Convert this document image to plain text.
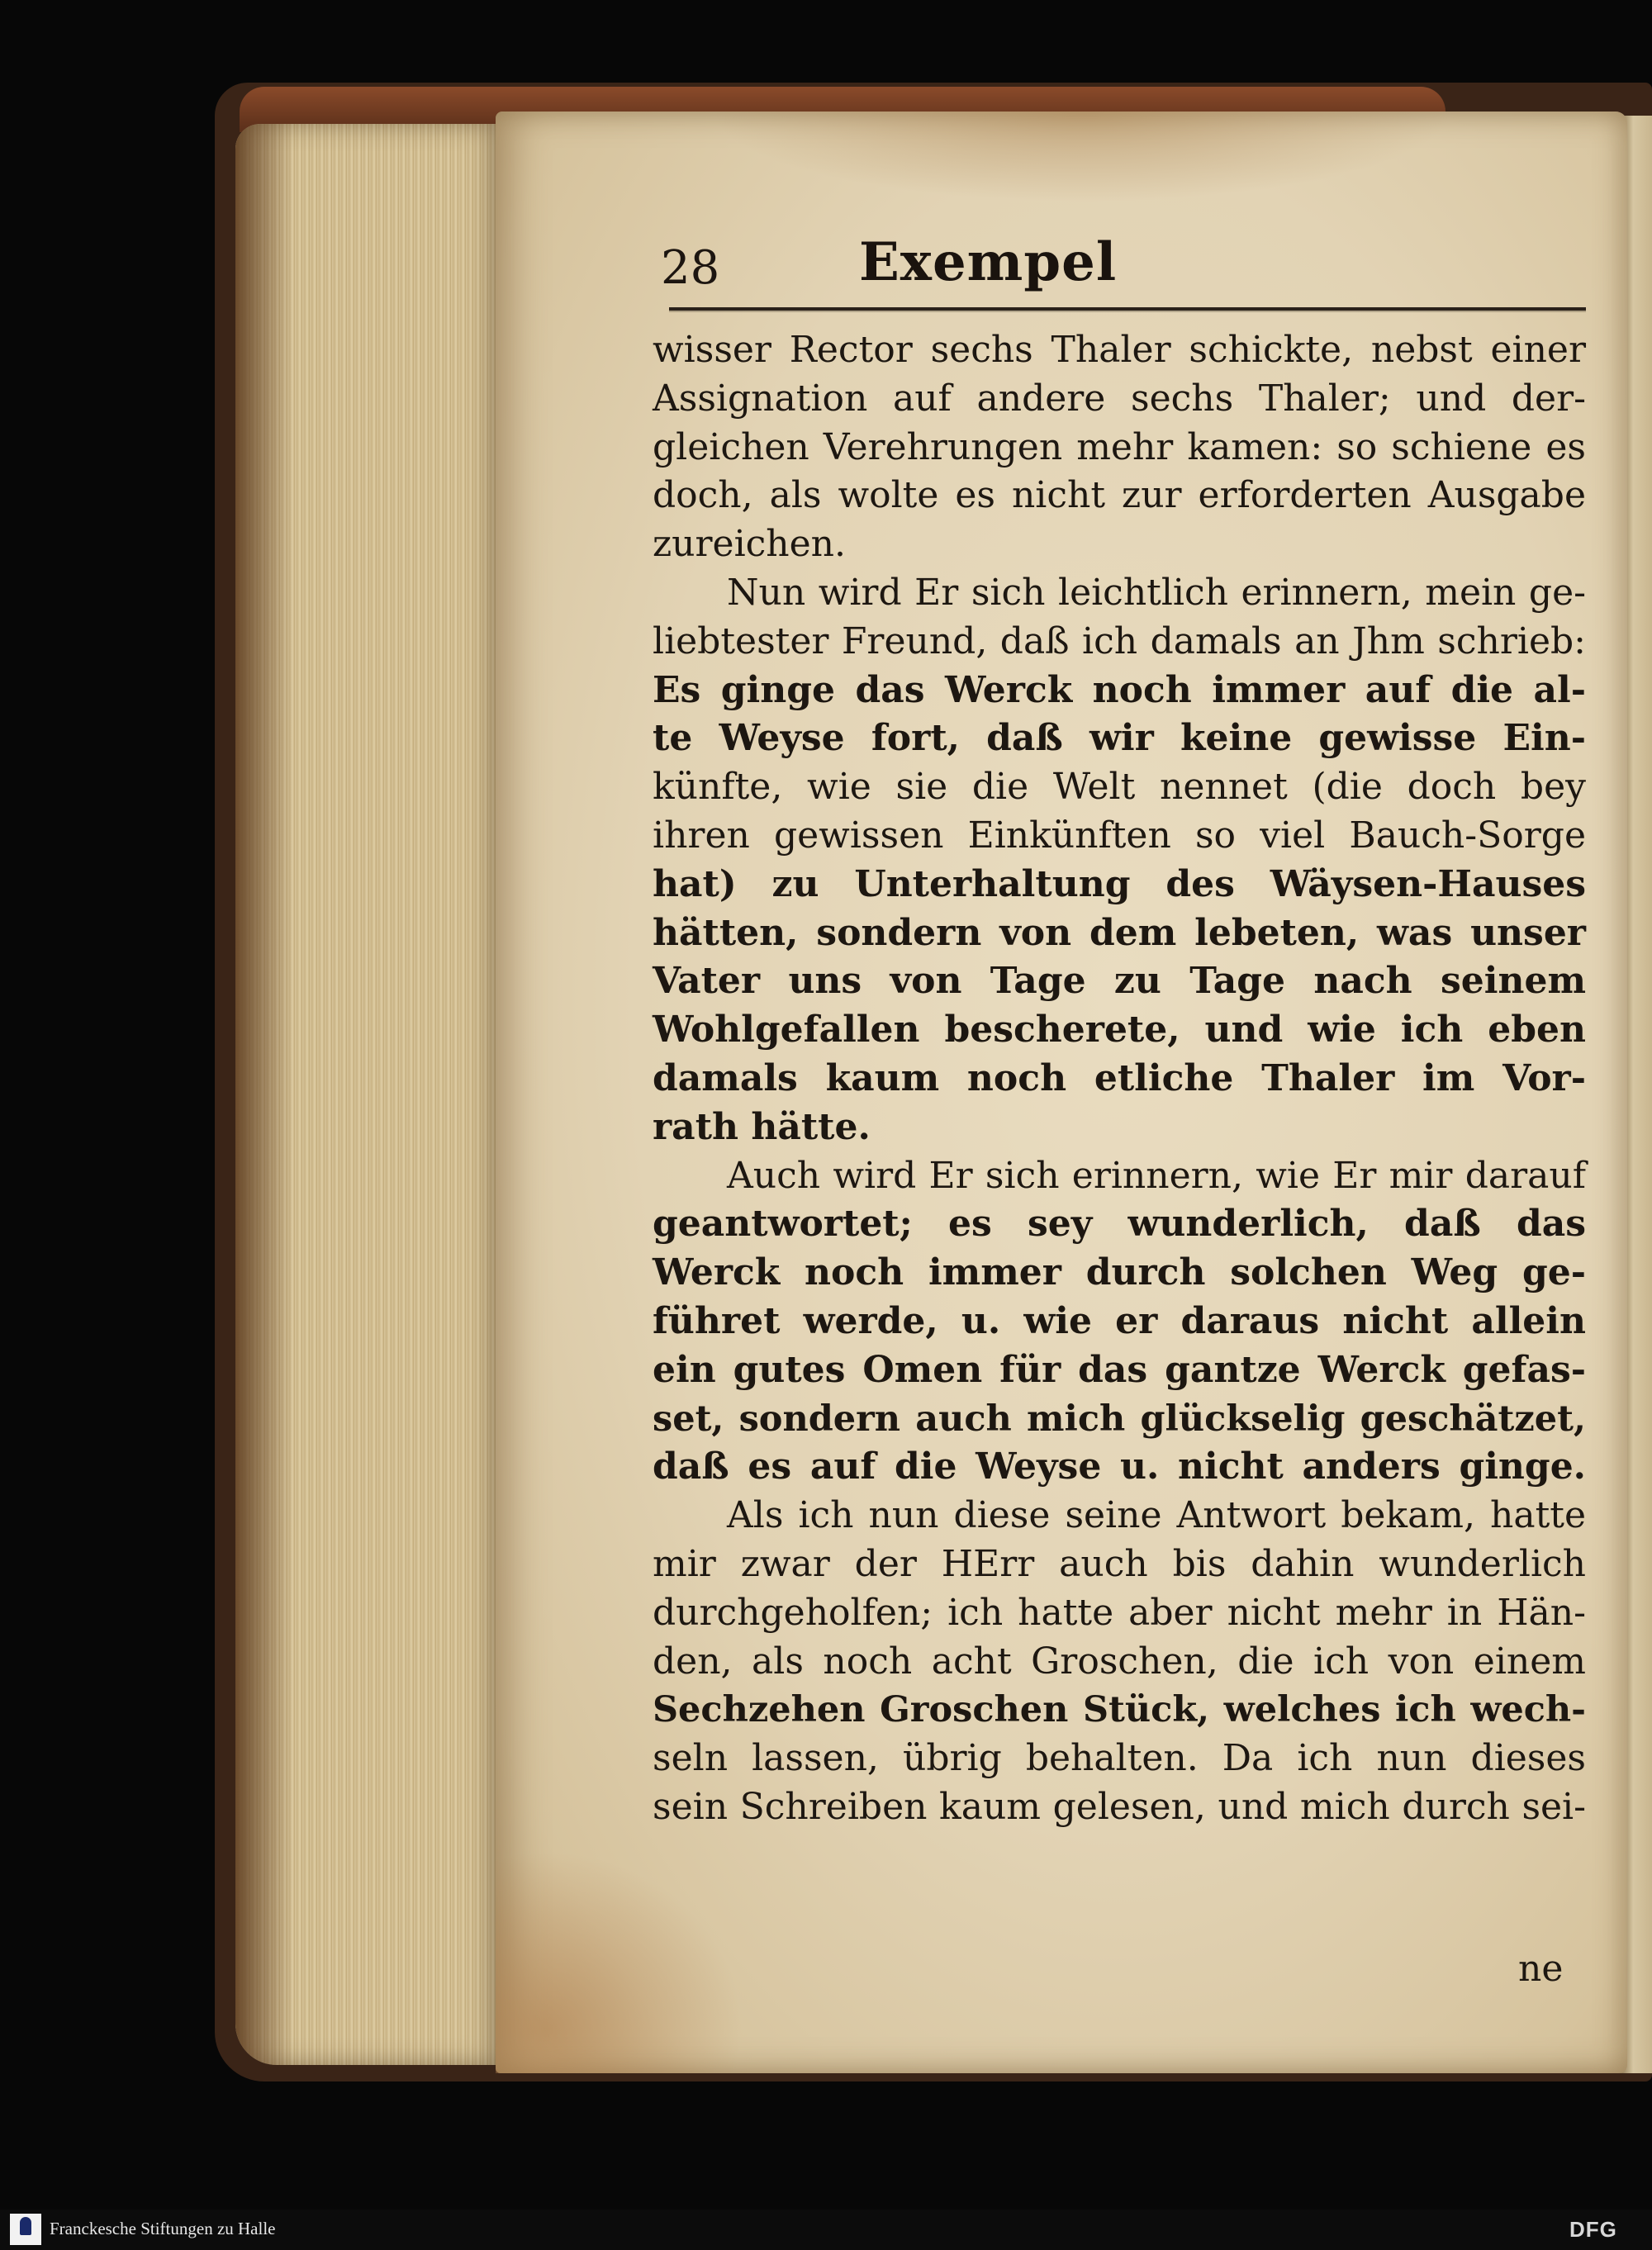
28	Exempel
wisser Rector sechs Thaler schickte, nebst einer
Assignation auf andere sechs Thaler; und der-
gleichen Verehrungen mehr kamen: so schiene es
doch, als wolte es nicht zur erforderten Ausgabe
zureichen.
Nun wird Er sich leichtlich erinnern, mein ge-
liebtester Freund, daß ich damals an Jhm schrieb:
Es ginge das Werck noch immer auf die al-
te Weyse fort, daß wir keine gewisse Ein-
künfte, wie sie die Welt nennet (die doch bey
ihren gewissen Einkünften so viel Bauch-Sorge
hat) zu Unterhaltung des Wäysen-Hauses
hätten, sondern von dem lebeten, was unser
Vater uns von Tage zu Tage nach seinem
Wohlgefallen bescherete, und wie ich eben
damals kaum noch etliche Thaler im Vor-
rath hätte.
Auch wird Er sich erinnern, wie Er mir darauf
geantwortet; es sey wunderlich, daß das
Werck noch immer durch solchen Weg ge-
führet werde, u. wie er daraus nicht allein
ein gutes Omen für das gantze Werck gefas-
set, sondern auch mich glückselig geschätzet,
daß es auf die Weyse u. nicht anders ginge.
Als ich nun diese seine Antwort bekam, hatte
mir zwar der HErr auch bis dahin wunderlich
durchgeholfen; ich hatte aber nicht mehr in Hän-
den, als noch acht Groschen, die ich von einem
Sechzehen Groschen Stück, welches ich wech-
seln lassen, übrig behalten. Da ich nun dieses
sein Schreiben kaum gelesen, und mich durch sei-
ne
Franckesche Stiftungen zu Halle	DFG
